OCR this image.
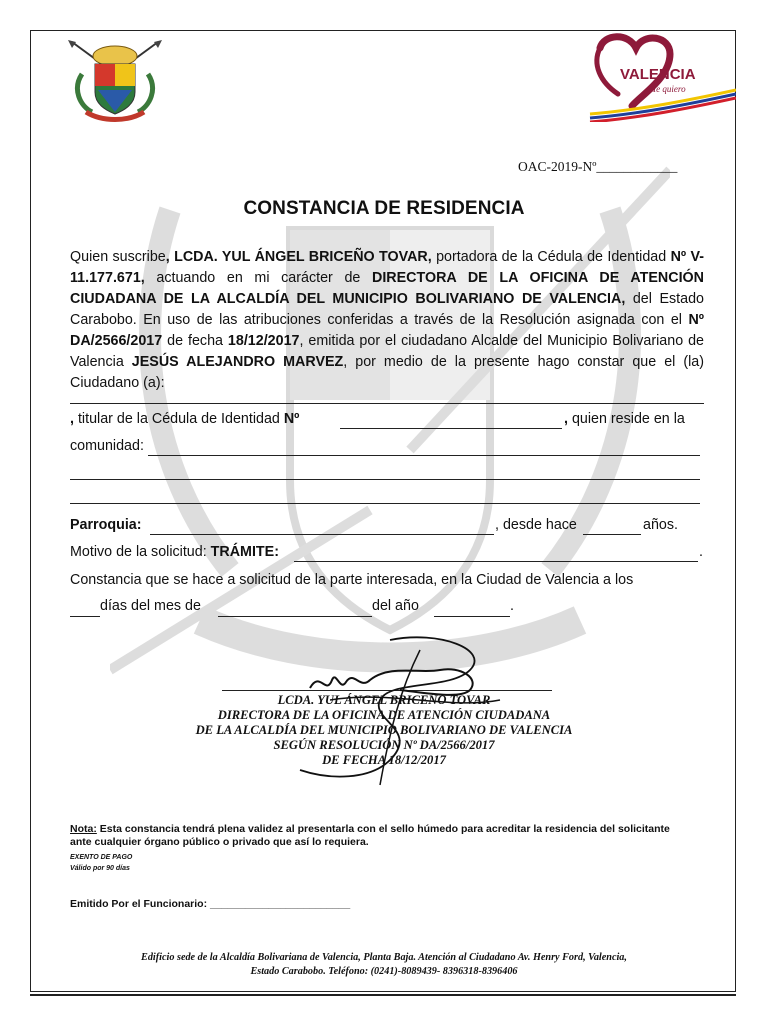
VALENCIA
Te quiero
OAC-2019-Nº____________
CONSTANCIA DE RESIDENCIA
Quien suscribe, LCDA. YUL ÁNGEL BRICEÑO TOVAR, portadora de la Cédula de Identidad Nº V-11.177.671, actuando en mi carácter de DIRECTORA DE LA OFICINA DE ATENCIÓN CIUDADANA DE LA ALCALDÍA DEL MUNICIPIO BOLIVARIANO DE VALENCIA, del Estado Carabobo. En uso de las atribuciones conferidas a través de la Resolución asignada con el Nº DA/2566/2017 de fecha 18/12/2017, emitida por el ciudadano Alcalde del Municipio Bolivariano de Valencia JESÚS ALEJANDRO MARVEZ, por medio de la presente hago constar que el (la) Ciudadano (a):
, titular de la Cédula de Identidad Nº	, quien reside en la
comunidad:
Parroquia:	, desde hace	años.
Motivo de la solicitud: TRÁMITE:	.
Constancia que se hace a solicitud de la parte interesada, en la Ciudad de Valencia a los
días del mes de	del año	.
LCDA. YUL ÁNGEL BRICEÑO TOVAR
DIRECTORA DE LA OFICINA DE ATENCIÓN CIUDADANA
DE LA ALCALDÍA DEL MUNICIPIO BOLIVARIANO DE VALENCIA
SEGÚN RESOLUCIÓN Nº DA/2566/2017
DE FECHA 18/12/2017
Nota: Esta constancia tendrá plena validez al presentarla con el sello húmedo para acreditar la residencia del solicitante ante cualquier órgano público o privado que así lo requiera.
EXENTO DE PAGO
Válido por 90 días
Emitido Por el Funcionario: ________________________
Edificio sede de la Alcaldía Bolivariana de Valencia, Planta Baja. Atención al Ciudadano Av. Henry Ford, Valencia,
Estado Carabobo. Teléfono: (0241)-8089439- 8396318-8396406
